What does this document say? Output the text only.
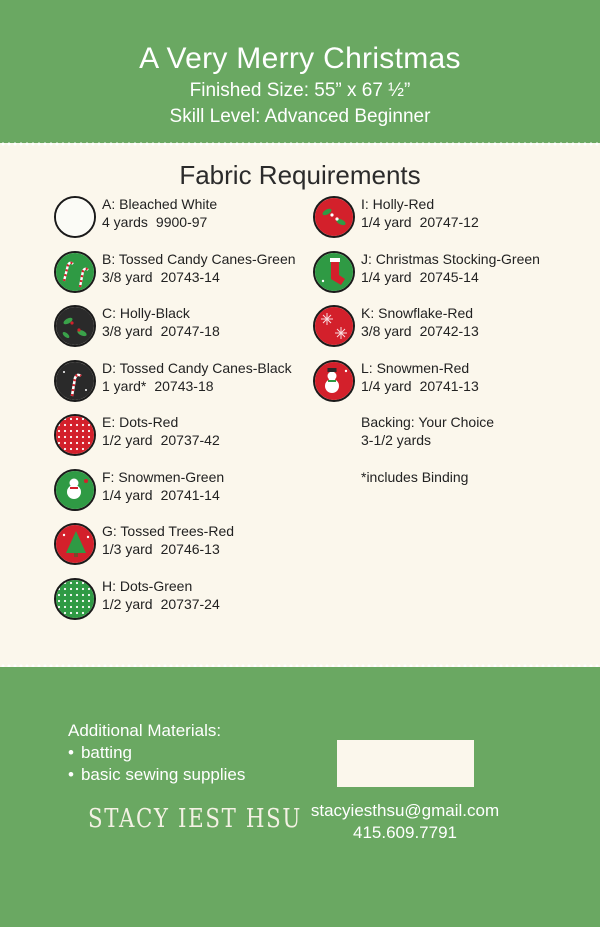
A Very Merry Christmas
Finished Size: 55” x 67 ½”
Skill Level: Advanced Beginner
Fabric Requirements
A: Bleached White
4 yards 9900-97
B: Tossed Candy Canes-Green
3/8 yard 20743-14
C: Holly-Black
3/8 yard 20747-18
D: Tossed Candy Canes-Black
1 yard* 20743-18
E: Dots-Red
1/2 yard 20737-42
F: Snowmen-Green
1/4 yard 20741-14
G: Tossed Trees-Red
1/3 yard 20746-13
H: Dots-Green
1/2 yard 20737-24
I: Holly-Red
1/4 yard 20747-12
J: Christmas Stocking-Green
1/4 yard 20745-14
K: Snowflake-Red
3/8 yard 20742-13
L: Snowmen-Red
1/4 yard 20741-13
Backing: Your Choice
3-1/2 yards
*includes Binding
Additional Materials:
• batting
• basic sewing supplies
STACY IEST HSU stacyiesthsu@gmail.com
415.609.7791
